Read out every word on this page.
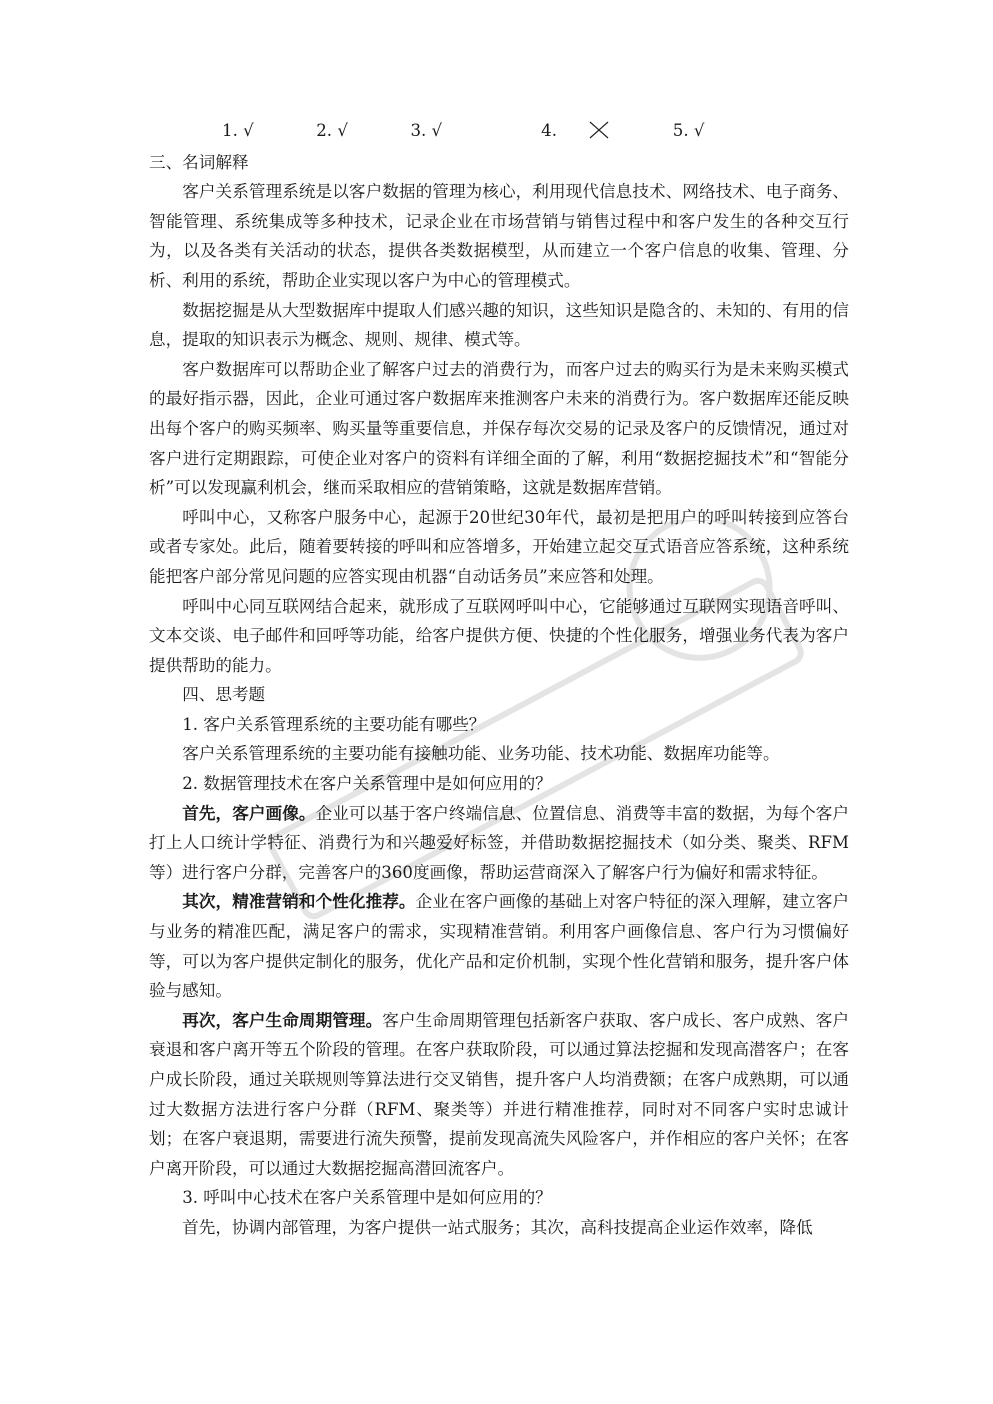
1. √	2. √	3. √	4.	5. √

三、名词解释

客户关系管理系统是以客户数据的管理为核心，利用现代信息技术、网络技术、电子商务、智能管理、系统集成等多种技术，记录企业在市场营销与销售过程中和客户发生的各种交互行为，以及各类有关活动的状态，提供各类数据模型，从而建立一个客户信息的收集、管理、分析、利用的系统，帮助企业实现以客户为中心的管理模式。

数据挖掘是从大型数据库中提取人们感兴趣的知识，这些知识是隐含的、未知的、有用的信息，提取的知识表示为概念、规则、规律、模式等。

客户数据库可以帮助企业了解客户过去的消费行为，而客户过去的购买行为是未来购买模式的最好指示器，因此，企业可通过客户数据库来推测客户未来的消费行为。客户数据库还能反映出每个客户的购买频率、购买量等重要信息，并保存每次交易的记录及客户的反馈情况，通过对客户进行定期跟踪，可使企业对客户的资料有详细全面的了解，利用“数据挖掘技术”和“智能分析”可以发现赢利机会，继而采取相应的营销策略，这就是数据库营销。

呼叫中心，又称客户服务中心，起源于20世纪30年代，最初是把用户的呼叫转接到应答台或者专家处。此后，随着要转接的呼叫和应答增多，开始建立起交互式语音应答系统，这种系统能把客户部分常见问题的应答实现由机器“自动话务员”来应答和处理。

呼叫中心同互联网结合起来，就形成了互联网呼叫中心，它能够通过互联网实现语音呼叫、文本交谈、电子邮件和回呼等功能，给客户提供方便、快捷的个性化服务，增强业务代表为客户提供帮助的能力。

四、思考题

1. 客户关系管理系统的主要功能有哪些？

客户关系管理系统的主要功能有接触功能、业务功能、技术功能、数据库功能等。

2. 数据管理技术在客户关系管理中是如何应用的？

首先，客户画像。企业可以基于客户终端信息、位置信息、消费等丰富的数据，为每个客户打上人口统计学特征、消费行为和兴趣爱好标签，并借助数据挖掘技术（如分类、聚类、RFM等）进行客户分群，完善客户的360度画像，帮助运营商深入了解客户行为偏好和需求特征。

其次，精准营销和个性化推荐。企业在客户画像的基础上对客户特征的深入理解，建立客户与业务的精准匹配，满足客户的需求，实现精准营销。利用客户画像信息、客户行为习惯偏好等，可以为客户提供定制化的服务，优化产品和定价机制，实现个性化营销和服务，提升客户体验与感知。

再次，客户生命周期管理。客户生命周期管理包括新客户获取、客户成长、客户成熟、客户衰退和客户离开等五个阶段的管理。在客户获取阶段，可以通过算法挖掘和发现高潜客户；在客户成长阶段，通过关联规则等算法进行交叉销售，提升客户人均消费额；在客户成熟期，可以通过大数据方法进行客户分群（RFM、聚类等）并进行精准推荐，同时对不同客户实时忠诚计划；在客户衰退期，需要进行流失预警，提前发现高流失风险客户，并作相应的客户关怀；在客户离开阶段，可以通过大数据挖掘高潜回流客户。

3. 呼叫中心技术在客户关系管理中是如何应用的？

首先，协调内部管理，为客户提供一站式服务；其次，高科技提高企业运作效率，降低
